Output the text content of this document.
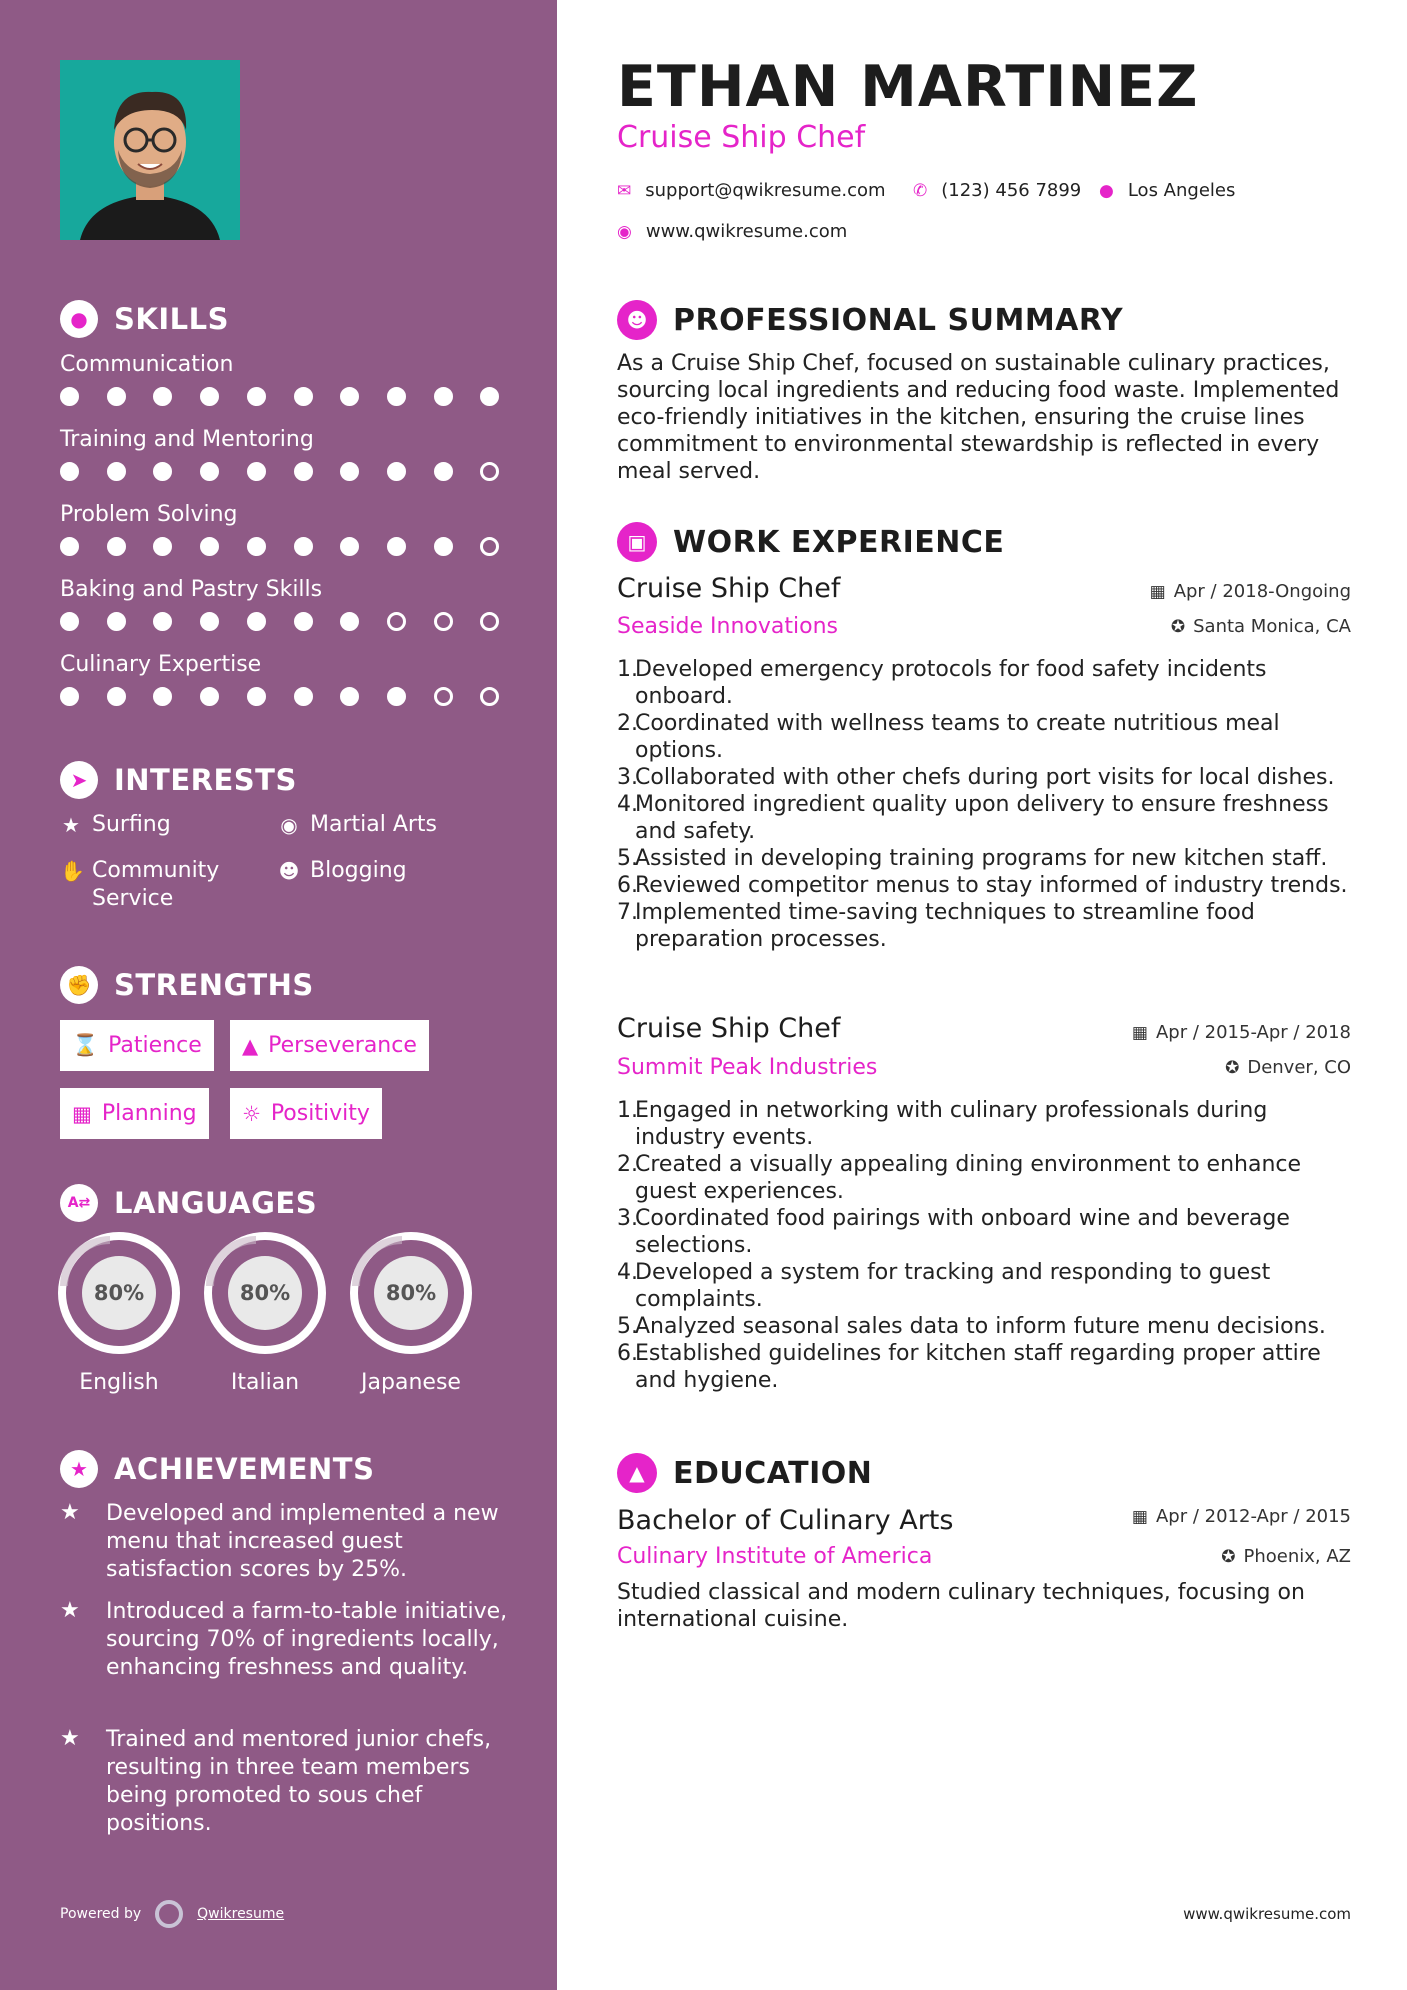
● SKILLS
Communication
Training and Mentoring
Problem Solving
Baking and Pastry Skills
Culinary Expertise
➤ INTERESTS
★ Surfing	◉ Martial Arts
✋ Community Service
☻ Blogging
✊ STRENGTHS
⌛ Patience ▲ Perseverance
▦ Planning ☼ Positivity
A⇄ LANGUAGES
80%
English
80%
Italian
80%
Japanese
★ ACHIEVEMENTS
★	Developed and implemented a new menu that increased guest satisfaction scores by 25%.
★	Introduced a farm-to-table initiative, sourcing 70% of ingredients locally, enhancing freshness and quality.
★	Trained and mentored junior chefs, resulting in three team members being promoted to sous chef positions.
Powered by	Qwikresume
ETHAN MARTINEZ
Cruise Ship Chef
✉ support@qwikresume.com ✆ (123) 456 7899 ● Los Angeles
◉ www.qwikresume.com
☻ PROFESSIONAL SUMMARY
As a Cruise Ship Chef, focused on sustainable culinary practices, sourcing local ingredients and reducing food waste. Implemented eco-friendly initiatives in the kitchen, ensuring the cruise lines commitment to environmental stewardship is reflected in every meal served.
▣ WORK EXPERIENCE
Cruise Ship Chef	▦ Apr / 2018-Ongoing
Seaside Innovations	✪ Santa Monica, CA
1.
Developed emergency protocols for food safety incidents onboard.
2.
Coordinated with wellness teams to create nutritious meal options.
3.
Collaborated with other chefs during port visits for local dishes.
4.
Monitored ingredient quality upon delivery to ensure freshness and safety.
5.
Assisted in developing training programs for new kitchen staff.
6.
Reviewed competitor menus to stay informed of industry trends.
7.
Implemented time-saving techniques to streamline food preparation processes.
Cruise Ship Chef	▦ Apr / 2015-Apr / 2018
Summit Peak Industries	✪ Denver, CO
1.
Engaged in networking with culinary professionals during industry events.
2.
Created a visually appealing dining environment to enhance guest experiences.
3.
Coordinated food pairings with onboard wine and beverage selections.
4.
Developed a system for tracking and responding to guest complaints.
5.
Analyzed seasonal sales data to inform future menu decisions.
6.
Established guidelines for kitchen staff regarding proper attire and hygiene.
▲ EDUCATION
Bachelor of Culinary Arts	▦ Apr / 2012-Apr / 2015
Culinary Institute of America	✪ Phoenix, AZ
Studied classical and modern culinary techniques, focusing on international cuisine.
www.qwikresume.com
